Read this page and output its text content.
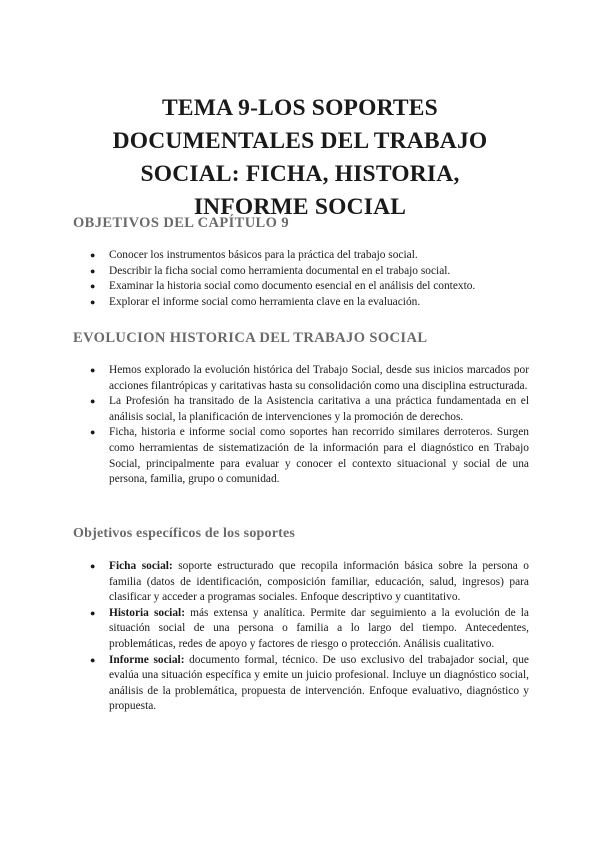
TEMA 9-LOS SOPORTES
DOCUMENTALES DEL TRABAJO
SOCIAL: FICHA, HISTORIA,
INFORME SOCIAL
OBJETIVOS DEL CAPÍTULO 9
● Conocer los instrumentos básicos para la práctica del trabajo social.
● Describir la ficha social como herramienta documental en el trabajo social.
● Examinar la historia social como documento esencial en el análisis del contexto.
● Explorar el informe social como herramienta clave en la evaluación.
EVOLUCION HISTORICA DEL TRABAJO SOCIAL
● Hemos explorado la evolución histórica del Trabajo Social, desde sus inicios marcados por acciones filantrópicas y caritativas hasta su consolidación como una disciplina estructurada.
● La Profesión ha transitado de la Asistencia caritativa a una práctica fundamentada en el análisis social, la planificación de intervenciones y la promoción de derechos.
● Ficha, historia e informe social como soportes han recorrido similares derroteros. Surgen como herramientas de sistematización de la información para el diagnóstico en Trabajo Social, principalmente para evaluar y conocer el contexto situacional y social de una persona, familia, grupo o comunidad.
Objetivos específicos de los soportes
● Ficha social: soporte estructurado que recopila información básica sobre la persona o familia (datos de identificación, composición familiar, educación, salud, ingresos) para clasificar y acceder a programas sociales. Enfoque descriptivo y cuantitativo.
● Historia social: más extensa y analítica. Permite dar seguimiento a la evolución de la situación social de una persona o familia a lo largo del tiempo. Antecedentes, problemáticas, redes de apoyo y factores de riesgo o protección. Análisis cualitativo.
● Informe social: documento formal, técnico. De uso exclusivo del trabajador social, que evalúa una situación específica y emite un juicio profesional. Incluye un diagnóstico social, análisis de la problemática, propuesta de intervención. Enfoque evaluativo, diagnóstico y propuesta.
